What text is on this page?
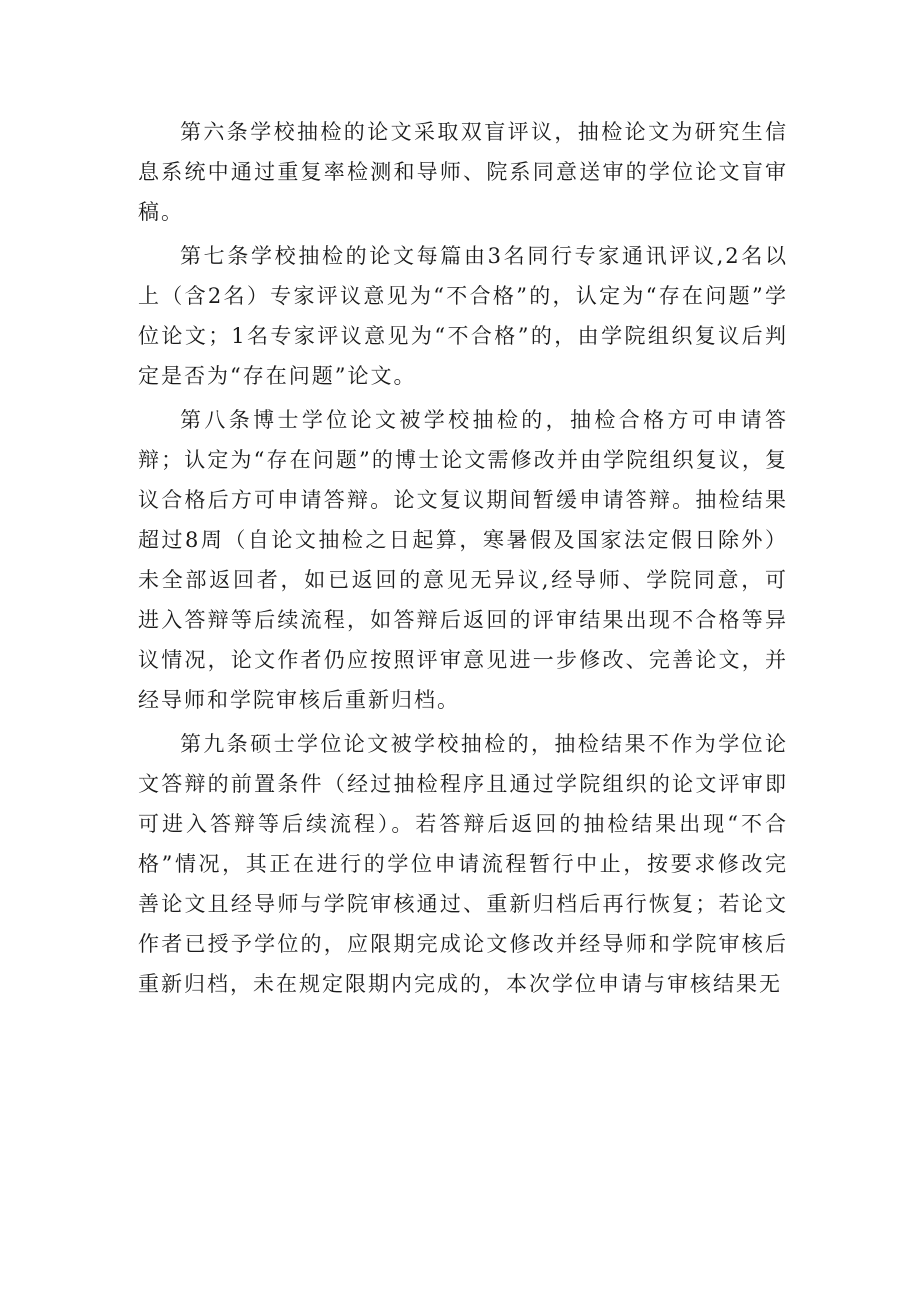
第六条学校抽检的论文采取双盲评议，抽检论文为研究生信息系统中通过重复率检测和导师、院系同意送审的学位论文盲审稿。

第七条学校抽检的论文每篇由3名同行专家通讯评议,2名以上（含2名）专家评议意见为“不合格”的，认定为“存在问题”学位论文；1名专家评议意见为“不合格”的，由学院组织复议后判定是否为“存在问题”论文。

第八条博士学位论文被学校抽检的，抽检合格方可申请答辩；认定为“存在问题”的博士论文需修改并由学院组织复议，复议合格后方可申请答辩。论文复议期间暂缓申请答辩。抽检结果超过8周（自论文抽检之日起算，寒暑假及国家法定假日除外）未全部返回者，如已返回的意见无异议,经导师、学院同意，可进入答辩等后续流程，如答辩后返回的评审结果出现不合格等异议情况，论文作者仍应按照评审意见进一步修改、完善论文，并经导师和学院审核后重新归档。

第九条硕士学位论文被学校抽检的，抽检结果不作为学位论文答辩的前置条件（经过抽检程序且通过学院组织的论文评审即可进入答辩等后续流程）。若答辩后返回的抽检结果出现“不合格”情况，其正在进行的学位申请流程暂行中止，按要求修改完善论文且经导师与学院审核通过、重新归档后再行恢复；若论文作者已授予学位的，应限期完成论文修改并经导师和学院审核后重新归档，未在规定限期内完成的，本次学位申请与审核结果无
